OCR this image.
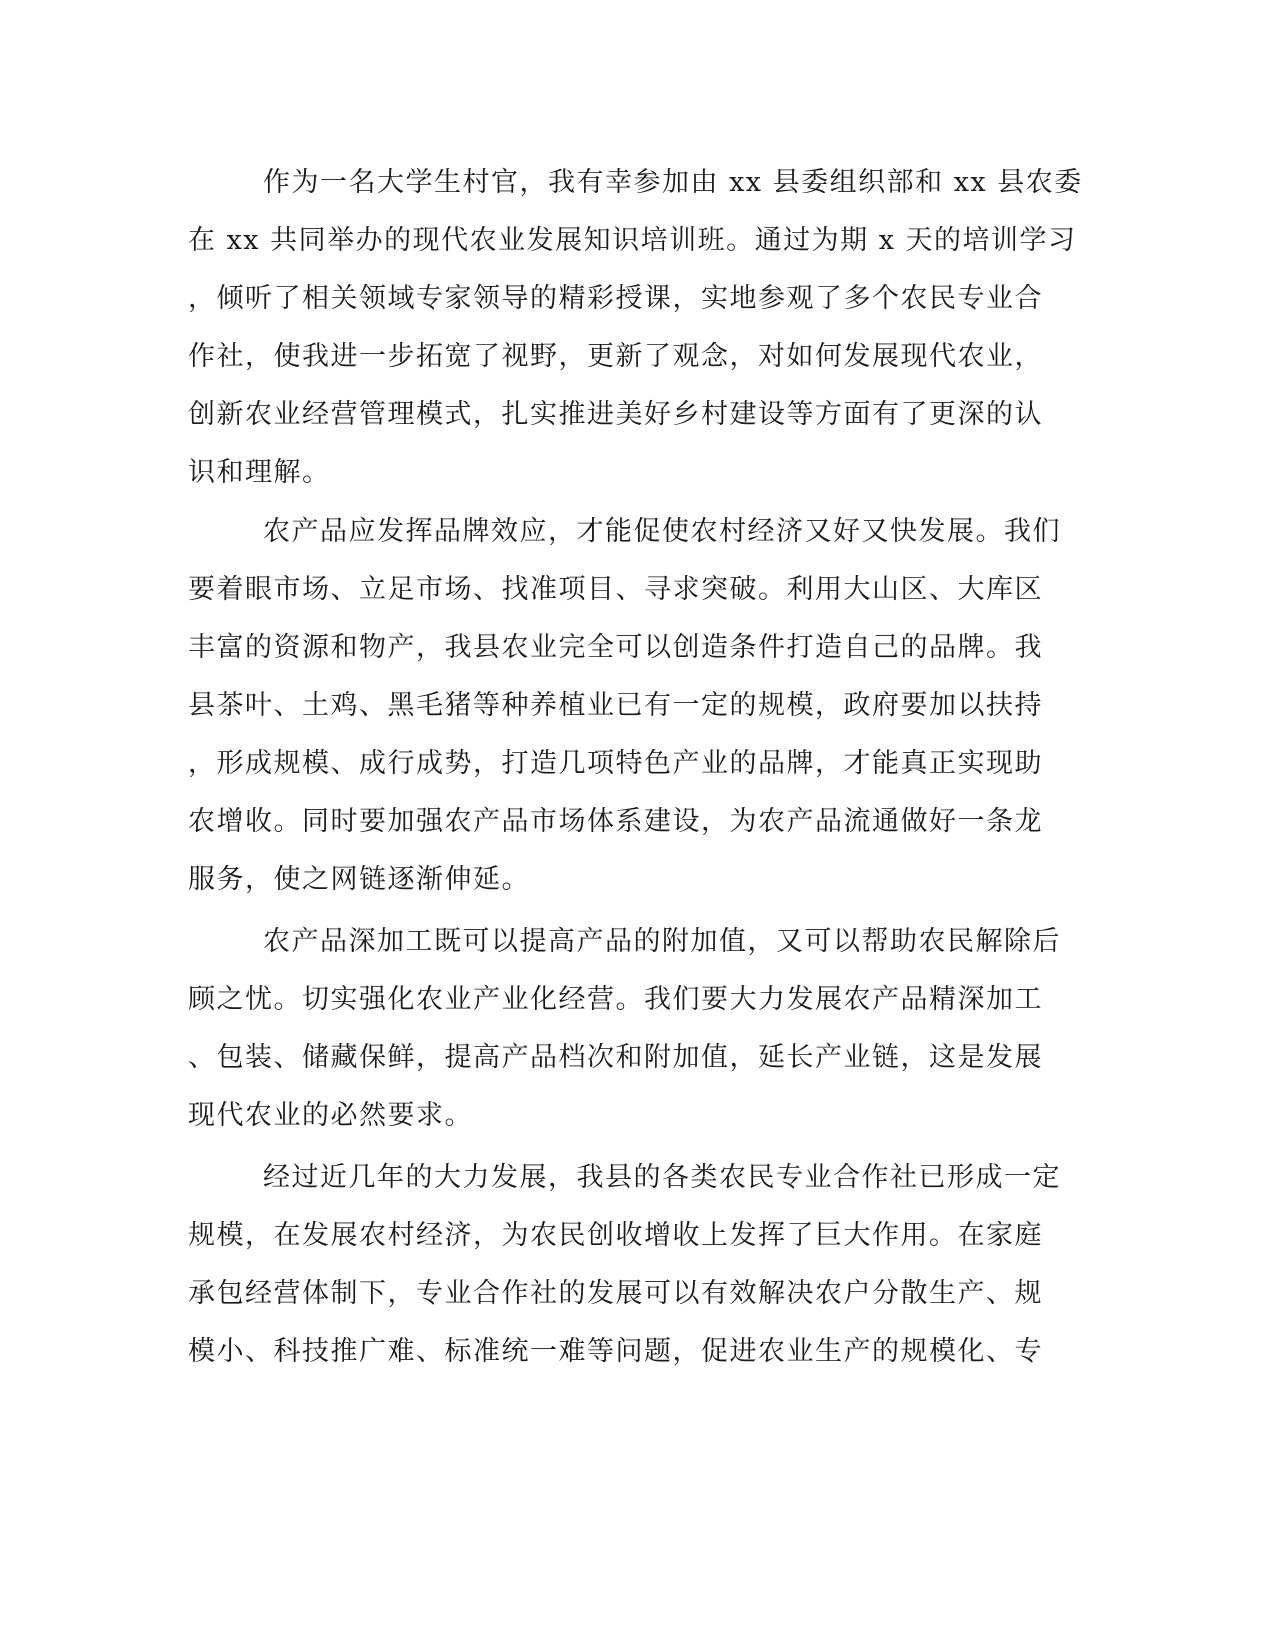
作为一名大学生村官，我有幸参加由 xx 县委组织部和 xx 县农委
在 xx 共同举办的现代农业发展知识培训班。通过为期 x 天的培训学习
，倾听了相关领域专家领导的精彩授课，实地参观了多个农民专业合
作社，使我进一步拓宽了视野，更新了观念，对如何发展现代农业，
创新农业经营管理模式，扎实推进美好乡村建设等方面有了更深的认
识和理解。
农产品应发挥品牌效应，才能促使农村经济又好又快发展。我们
要着眼市场、立足市场、找准项目、寻求突破。利用大山区、大库区
丰富的资源和物产，我县农业完全可以创造条件打造自己的品牌。我
县茶叶、土鸡、黑毛猪等种养植业已有一定的规模，政府要加以扶持
，形成规模、成行成势，打造几项特色产业的品牌，才能真正实现助
农增收。同时要加强农产品市场体系建设，为农产品流通做好一条龙
服务，使之网链逐渐伸延。
农产品深加工既可以提高产品的附加值，又可以帮助农民解除后
顾之忧。切实强化农业产业化经营。我们要大力发展农产品精深加工
、包装、储藏保鲜，提高产品档次和附加值，延长产业链，这是发展
现代农业的必然要求。
经过近几年的大力发展，我县的各类农民专业合作社已形成一定
规模，在发展农村经济，为农民创收增收上发挥了巨大作用。在家庭
承包经营体制下，专业合作社的发展可以有效解决农户分散生产、规
模小、科技推广难、标准统一难等问题，促进农业生产的规模化、专
